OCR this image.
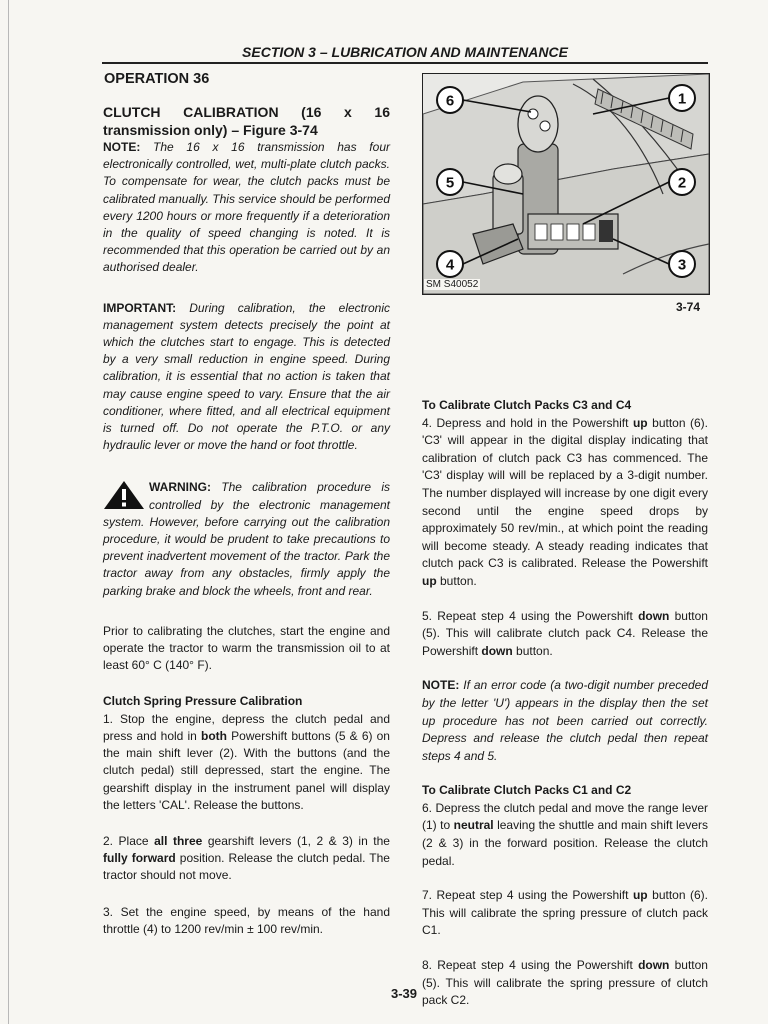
SECTION 3 – LUBRICATION AND MAINTENANCE
OPERATION 36

CLUTCH CALIBRATION (16 x 16 transmission only) – Figure 3-74

NOTE: The 16 x 16 transmission has four electronically controlled, wet, multi-plate clutch packs. To compensate for wear, the clutch packs must be calibrated manually. This service should be performed every 1200 hours or more frequently if a deterioration in the quality of speed changing is noted. It is recommended that this operation be carried out by an authorised dealer.

IMPORTANT: During calibration, the electronic management system detects precisely the point at which the clutches start to engage. This is detected by a very small reduction in engine speed. During calibration, it is essential that no action is taken that may cause engine speed to vary. Ensure that the air conditioner, where fitted, and all electrical equipment is turned off. Do not operate the P.T.O. or any hydraulic lever or move the hand or foot throttle.

WARNING: The calibration procedure is controlled by the electronic management system. However, before carrying out the calibration procedure, it would be prudent to take precautions to prevent inadvertent movement of the tractor. Park the tractor away from any obstacles, firmly apply the parking brake and block the wheels, front and rear.

Prior to calibrating the clutches, start the engine and operate the tractor to warm the transmission oil to at least 60° C (140° F).

Clutch Spring Pressure Calibration

1. Stop the engine, depress the clutch pedal and press and hold in both Powershift buttons (5 & 6) on the main shift lever (2). With the buttons (and the clutch pedal) still depressed, start the engine. The gearshift display in the instrument panel will display the letters 'CAL'. Release the buttons.

2. Place all three gearshift levers (1, 2 & 3) in the fully forward position. Release the clutch pedal. The tractor should not move.

3. Set the engine speed, by means of the hand throttle (4) to 1200 rev/min ± 100 rev/min.

6	1
5	2
4	3
SM S40052
3-74

To Calibrate Clutch Packs C3 and C4

4. Depress and hold in the Powershift up button (6). 'C3' will appear in the digital display indicating that calibration of clutch pack C3 has commenced. The 'C3' display will will be replaced by a 3-digit number. The number displayed will increase by one digit every second until the engine speed drops by approximately 50 rev/min., at which point the reading will become steady. A steady reading indicates that clutch pack C3 is calibrated. Release the Powershift up button.

5. Repeat step 4 using the Powershift down button (5). This will calibrate clutch pack C4. Release the Powershift down button.

NOTE: If an error code (a two-digit number preceded by the letter 'U') appears in the display then the set up procedure has not been carried out correctly. Depress and release the clutch pedal then repeat steps 4 and 5.

To Calibrate Clutch Packs C1 and C2

6. Depress the clutch pedal and move the range lever (1) to neutral leaving the shuttle and main shift levers (2 & 3) in the forward position. Release the clutch pedal.

7. Repeat step 4 using the Powershift up button (6). This will calibrate the spring pressure of clutch pack C1.

8. Repeat step 4 using the Powershift down button (5). This will calibrate the spring pressure of clutch pack C2.

3-39
